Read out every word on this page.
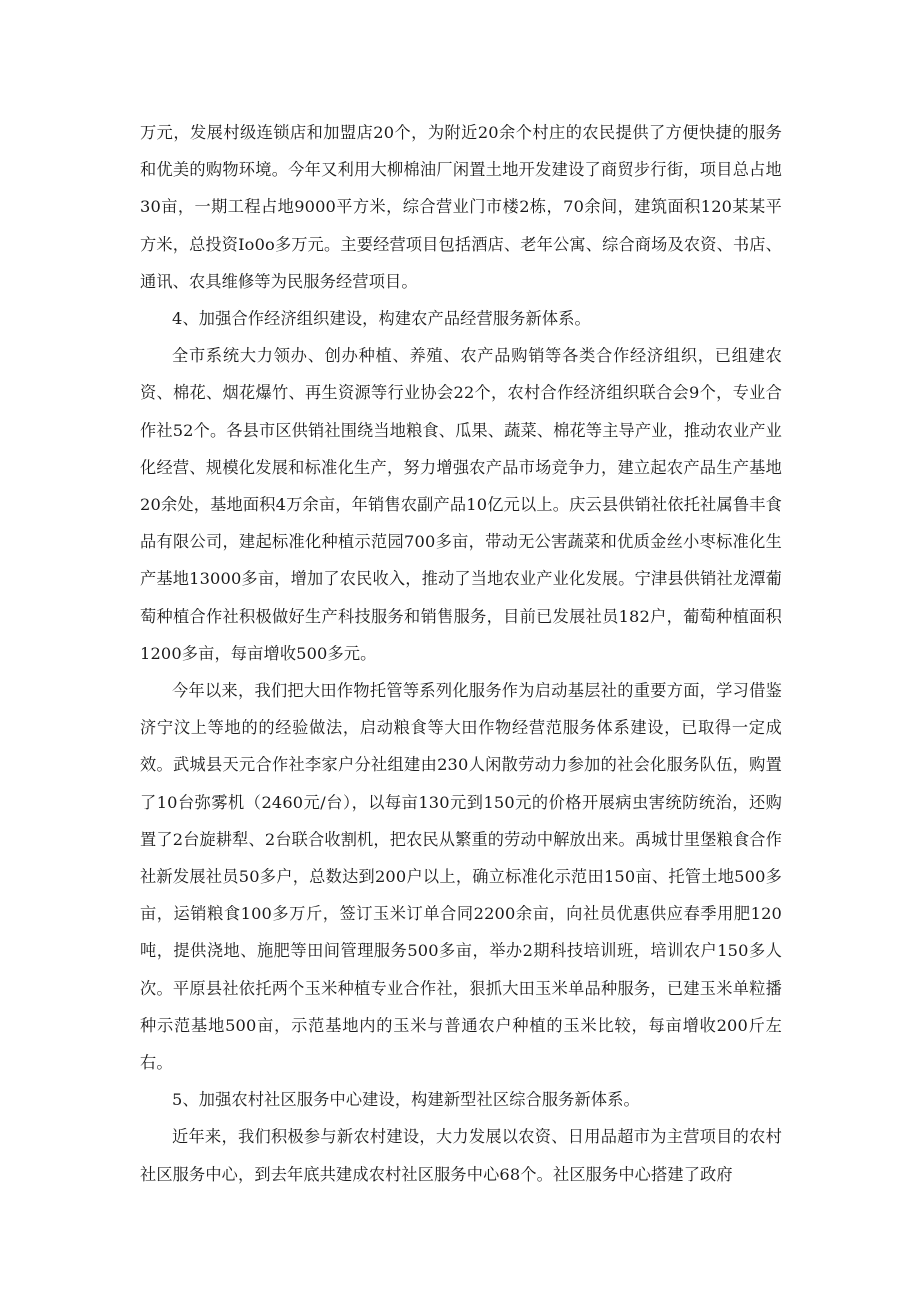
万元，发展村级连锁店和加盟店20个，为附近20余个村庄的农民提供了方便快捷的服务和优美的购物环境。今年又利用大柳棉油厂闲置土地开发建设了商贸步行街，项目总占地30亩，一期工程占地9000平方米，综合营业门市楼2栋，70余间，建筑面积120某某平方米，总投资Io0o多万元。主要经营项目包括酒店、老年公寓、综合商场及农资、书店、通讯、农具维修等为民服务经营项目。

4、加强合作经济组织建设，构建农产品经营服务新体系。

全市系统大力领办、创办种植、养殖、农产品购销等各类合作经济组织，已组建农资、棉花、烟花爆竹、再生资源等行业协会22个，农村合作经济组织联合会9个，专业合作社52个。各县市区供销社围绕当地粮食、瓜果、蔬菜、棉花等主导产业，推动农业产业化经营、规模化发展和标准化生产，努力增强农产品市场竞争力，建立起农产品生产基地20余处，基地面积4万余亩，年销售农副产品10亿元以上。庆云县供销社依托社属鲁丰食品有限公司，建起标准化种植示范园700多亩，带动无公害蔬菜和优质金丝小枣标准化生产基地13000多亩，增加了农民收入，推动了当地农业产业化发展。宁津县供销社龙潭葡萄种植合作社积极做好生产科技服务和销售服务，目前已发展社员182户，葡萄种植面积1200多亩，每亩增收500多元。

今年以来，我们把大田作物托管等系列化服务作为启动基层社的重要方面，学习借鉴济宁汶上等地的的经验做法，启动粮食等大田作物经营范服务体系建设，已取得一定成效。武城县天元合作社李家户分社组建由230人闲散劳动力参加的社会化服务队伍，购置了10台弥雾机（2460元/台），以每亩130元到150元的价格开展病虫害统防统治，还购置了2台旋耕犁、2台联合收割机，把农民从繁重的劳动中解放出来。禹城廿里堡粮食合作社新发展社员50多户，总数达到200户以上，确立标准化示范田150亩、托管土地500多亩，运销粮食100多万斤，签订玉米订单合同2200余亩，向社员优惠供应春季用肥120吨，提供浇地、施肥等田间管理服务500多亩，举办2期科技培训班，培训农户150多人次。平原县社依托两个玉米种植专业合作社，狠抓大田玉米单品种服务，已建玉米单粒播种示范基地500亩，示范基地内的玉米与普通农户种植的玉米比较，每亩增收200斤左右。

5、加强农村社区服务中心建设，构建新型社区综合服务新体系。

近年来，我们积极参与新农村建设，大力发展以农资、日用品超市为主营项目的农村社区服务中心，到去年底共建成农村社区服务中心68个。社区服务中心搭建了政府
